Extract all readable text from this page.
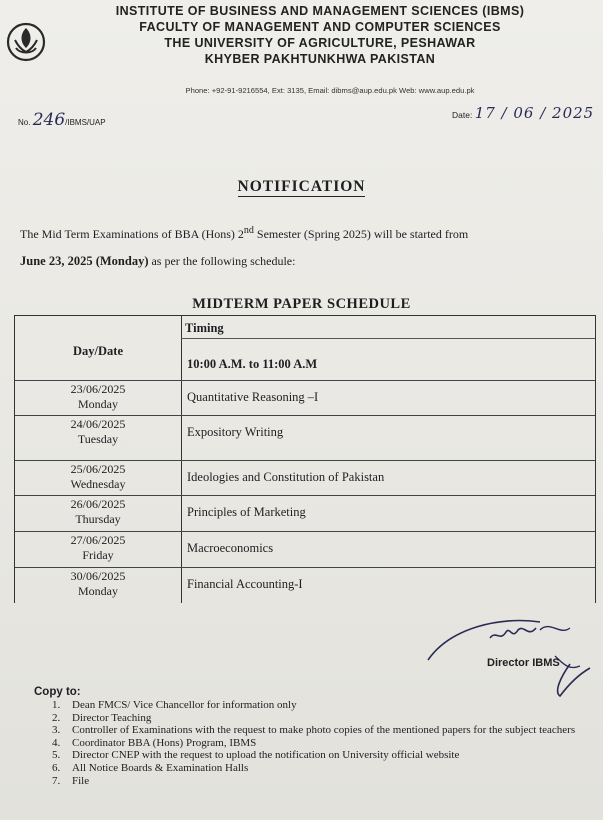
INSTITUTE OF BUSINESS AND MANAGEMENT SCIENCES (IBMS)
FACULTY OF MANAGEMENT AND COMPUTER SCIENCES
THE UNIVERSITY OF AGRICULTURE, PESHAWAR
KHYBER PAKHTUNKHWA PAKISTAN
Phone: +92-91-9216554, Ext: 3135, Email: dibms@aup.edu.pk Web: www.aup.edu.pk
No. 246/IBMS/UAP
Date: 17 / 06 / 2025
NOTIFICATION
The Mid Term Examinations of BBA (Hons) 2nd Semester (Spring 2025) will be started from
June 23, 2025 (Monday) as per the following schedule:
MIDTERM PAPER SCHEDULE
Day/Date
Timing
10:00 A.M. to 11:00 A.M
23/06/2025
Monday	Quantitative Reasoning –I
24/06/2025
Tuesday	Expository Writing
25/06/2025
Wednesday	Ideologies and Constitution of Pakistan
26/06/2025
Thursday	Principles of Marketing
27/06/2025
Friday	Macroeconomics
30/06/2025
Monday	Financial Accounting-I
Director IBMS
Copy to:
1. Dean FMCS/ Vice Chancellor for information only
2. Director Teaching
3. Controller of Examinations with the request to make photo copies of the mentioned papers for the subject teachers
4. Coordinator BBA (Hons) Program, IBMS
5. Director CNEP with the request to upload the notification on University official website
6. All Notice Boards & Examination Halls
7. File
